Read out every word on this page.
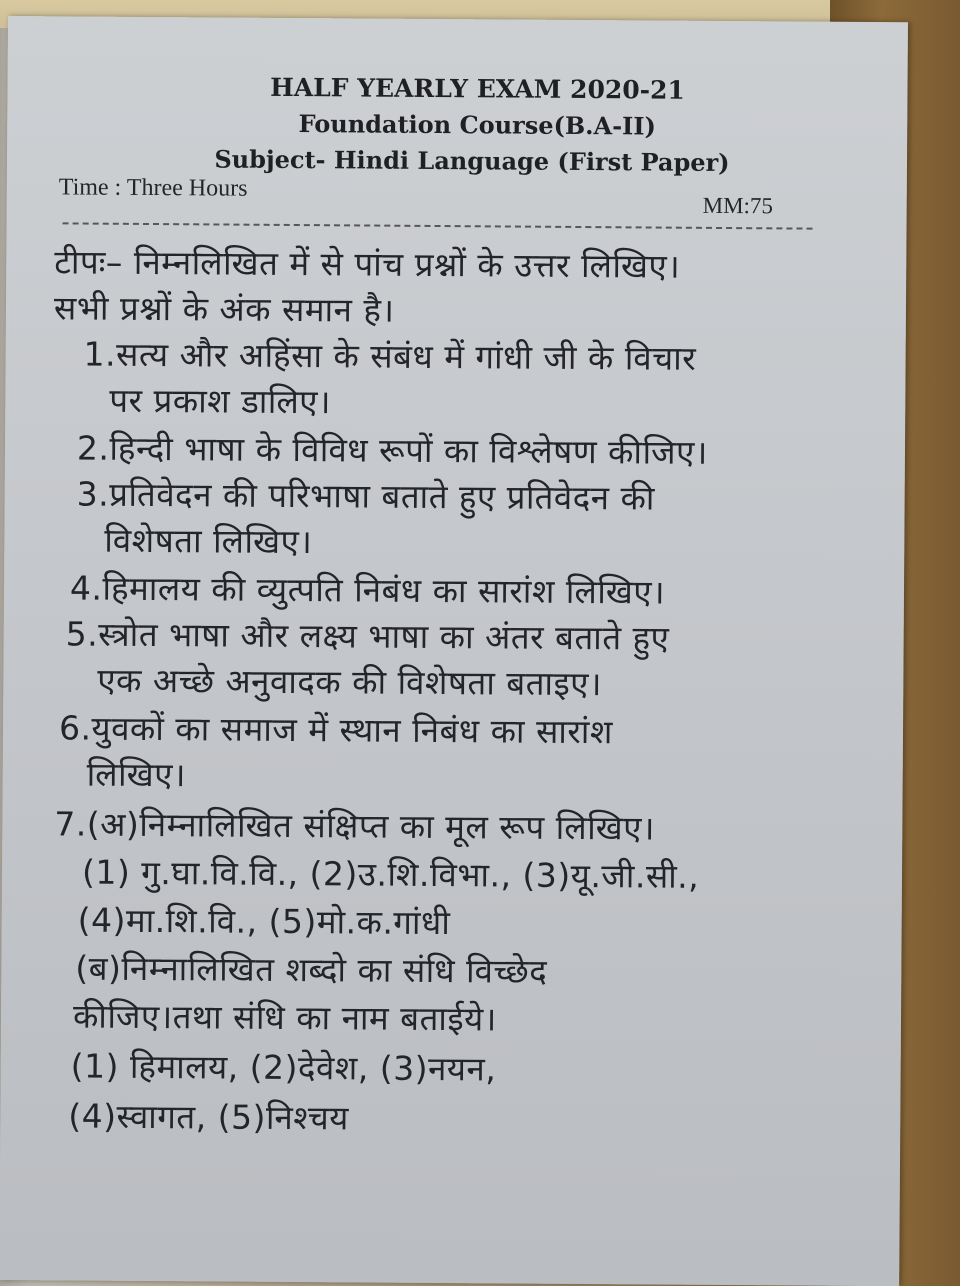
HALF YEARLY EXAM 2020-21
Foundation Course(B.A-II)
Subject- Hindi Language (First Paper)
Time : Three Hours
MM:75
टीपः– निम्नलिखित में से पांच प्रश्नों के उत्तर लिखिए।
सभी प्रश्नों के अंक समान है।
1.सत्य और अहिंसा के संबंध में गांधी जी के विचार
पर प्रकाश डालिए।
2.हिन्दी भाषा के विविध रूपों का विश्लेषण कीजिए।
3.प्रतिवेदन की परिभाषा बताते हुए प्रतिवेदन की
विशेषता लिखिए।
4.हिमालय की व्युत्पति निबंध का सारांश लिखिए।
5.स्त्रोत भाषा और लक्ष्य भाषा का अंतर बताते हुए
एक अच्छे अनुवादक की विशेषता बताइए।
6.युवकों का समाज में स्थान निबंध का सारांश
लिखिए।
7.(अ)निम्नालिखित संक्षिप्त का मूल रूप लिखिए।
(1) गु.घा.वि.वि., (2)उ.शि.विभा., (3)यू.जी.सी.,
(4)मा.शि.वि., (5)मो.क.गांधी
(ब)निम्नालिखित शब्दो का संधि विच्छेद
कीजिए।तथा संधि का नाम बताईये।
(1) हिमालय, (2)देवेश, (3)नयन,
(4)स्वागत, (5)निश्चय
